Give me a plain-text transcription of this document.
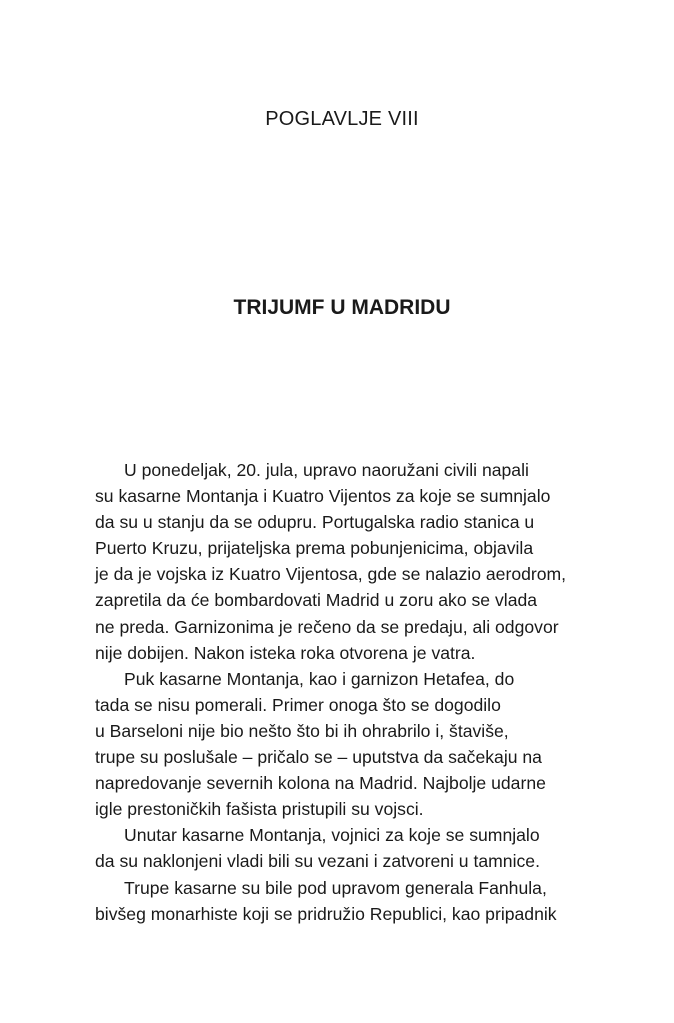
POGLAVLJE VIII
TRIJUMF U MADRIDU

U ponedeljak, 20. jula, upravo naoružani civili napali
su kasarne Montanja i Kuatro Vijentos za koje se sumnjalo
da su u stanju da se odupru. Portugalska radio stanica u
Puerto Kruzu, prijateljska prema pobunjenicima, objavila
je da je vojska iz Kuatro Vijentosa, gde se nalazio aerodrom,
zapretila da će bombardovati Madrid u zoru ako se vlada
ne preda. Garnizonima je rečeno da se predaju, ali odgovor
nije dobijen. Nakon isteka roka otvorena je vatra.

Puk kasarne Montanja, kao i garnizon Hetafea, do
tada se nisu pomerali. Primer onoga što se dogodilo
u Barseloni nije bio nešto što bi ih ohrabrilo i, štaviše,
trupe su poslušale – pričalo se – uputstva da sačekaju na
napredovanje severnih kolona na Madrid. Najbolje udarne
igle prestoničkih fašista pristupili su vojsci.

Unutar kasarne Montanja, vojnici za koje se sumnjalo
da su naklonjeni vladi bili su vezani i zatvoreni u tamnice.

Trupe kasarne su bile pod upravom generala Fanhula,
bivšeg monarhiste koji se pridružio Republici, kao pripadnik
